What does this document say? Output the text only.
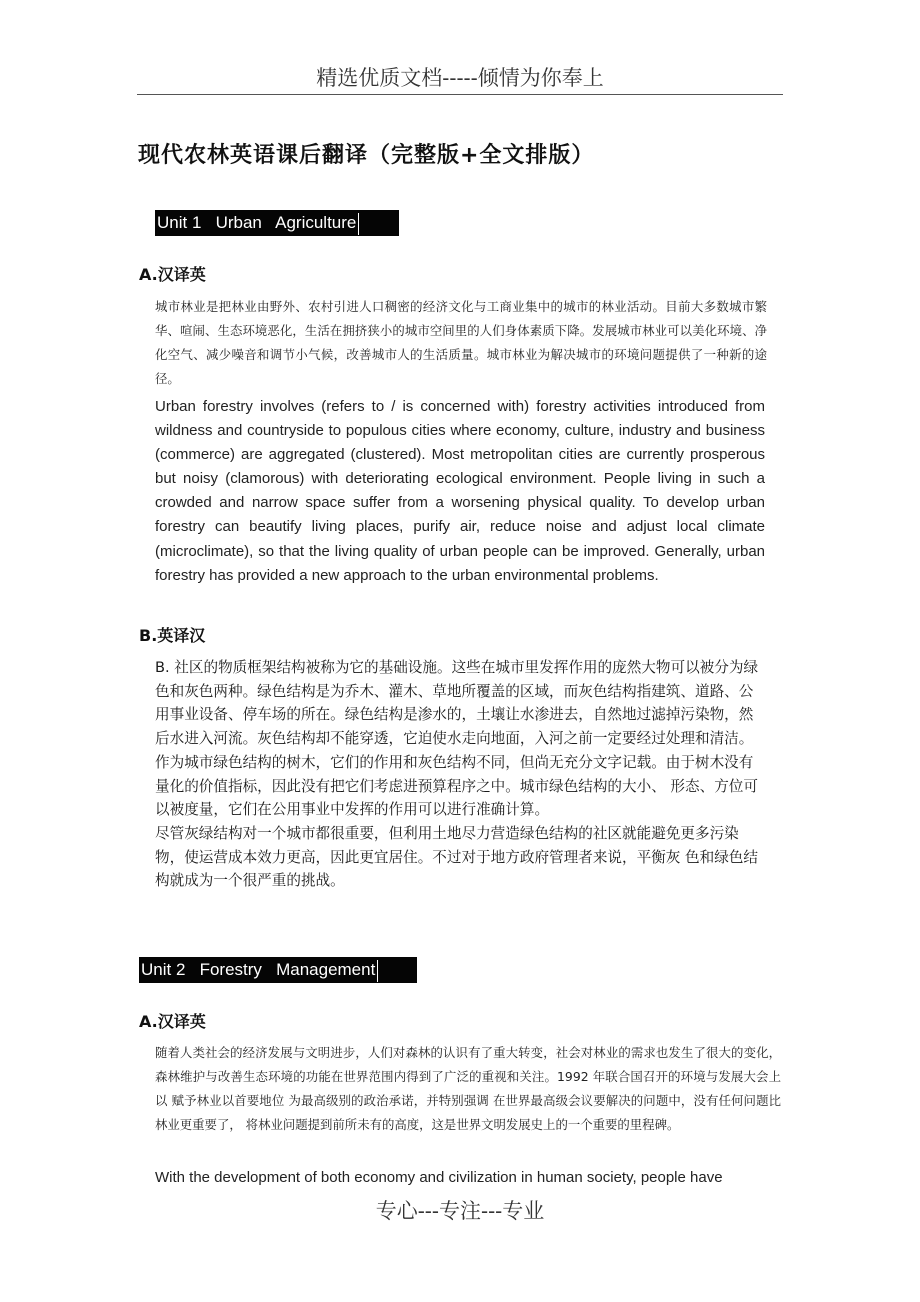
精选优质文档-----倾情为你奉上
现代农林英语课后翻译（完整版+全文排版）
Unit 1   Urban   Agriculture
A.汉译英

城市林业是把林业由野外、农村引进人口稠密的经济文化与工商业集中的城市的林业活动。目前大多数城市繁华、喧闹、生态环境恶化，生活在拥挤狭小的城市空间里的人们身体素质下降。发展城市林业可以美化环境、净化空气、减少噪音和调节小气候，改善城市人的生活质量。城市林业为解决城市的环境问题提供了一种新的途径。

Urban forestry involves (refers to / is concerned with) forestry activities introduced from wildness and countryside to populous cities where economy, culture, industry and business (commerce) are aggregated (clustered). Most metropolitan cities are currently prosperous but noisy (clamorous) with deteriorating ecological environment. People living in such a crowded and narrow space suffer from a worsening physical quality. To develop urban forestry can beautify living places, purify air, reduce noise and adjust local climate (microclimate), so that the living quality of urban people can be improved. Generally, urban forestry has provided a new approach to the urban environmental problems.

B.英译汉

B. 社区的物质框架结构被称为它的基础设施。这些在城市里发挥作用的庞然大物可以被分为绿色和灰色两种。绿色结构是为乔木、灌木、草地所覆盖的区域，而灰色结构指建筑、道路、公用事业设备、停车场的所在。绿色结构是渗水的，土壤让水渗进去，自然地过滤掉污染物，然后水进入河流。灰色结构却不能穿透，它迫使水走向地面，入河之前一定要经过处理和清洁。
作为城市绿色结构的树木，它们的作用和灰色结构不同，但尚无充分文字记载。由于树木没有量化的价值指标，因此没有把它们考虑进预算程序之中。城市绿色结构的大小、 形态、方位可以被度量，它们在公用事业中发挥的作用可以进行准确计算。
尽管灰绿结构对一个城市都很重要，但利用土地尽力营造绿色结构的社区就能避免更多污染物，使运营成本效力更高，因此更宜居住。不过对于地方政府管理者来说，平衡灰 色和绿色结构就成为一个很严重的挑战。

Unit 2   Forestry   Management
A.汉译英

随着人类社会的经济发展与文明进步，人们对森林的认识有了重大转变，社会对林业的需求也发生了很大的变化，森林维护与改善生态环境的功能在世界范围内得到了广泛的重视和关注。1992 年联合国召开的环境与发展大会上以 赋予林业以首要地位 为最高级别的政治承诺，并特别强调 在世界最高级会议要解决的问题中，没有任何问题比林业更重要了， 将林业问题提到前所未有的高度，这是世界文明发展史上的一个重要的里程碑。

With the development of both economy and civilization in human society, people have

专心---专注---专业
